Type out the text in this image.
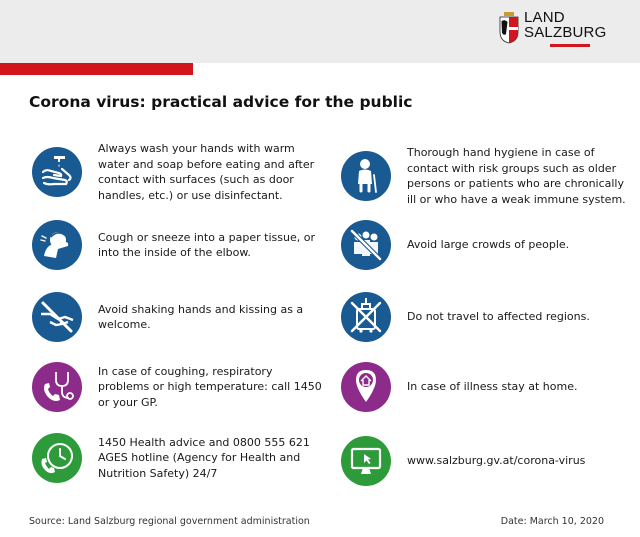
LAND
SALZBURG
Corona virus: practical advice for the public
Always wash your hands with warm water and soap before eating and after contact with surfaces (such as door handles, etc.) or use disinfectant.
Cough or sneeze into a paper tissue, or into the inside of the elbow.
Avoid shaking hands and kissing as a welcome.
In case of coughing, respiratory problems or high temperature: call 1450 or your GP.
1450 Health advice and 0800 555 621 AGES hotline (Agency for Health and Nutrition Safety) 24/7
Thorough hand hygiene in case of contact with risk groups such as older persons or patients who are chronically ill or who have a weak immune system.
Avoid large crowds of people.
Do not travel to affected regions.
In case of illness stay at home.
www.salzburg.gv.at/corona-virus
Source: Land Salzburg regional government administration	Date: March 10, 2020
